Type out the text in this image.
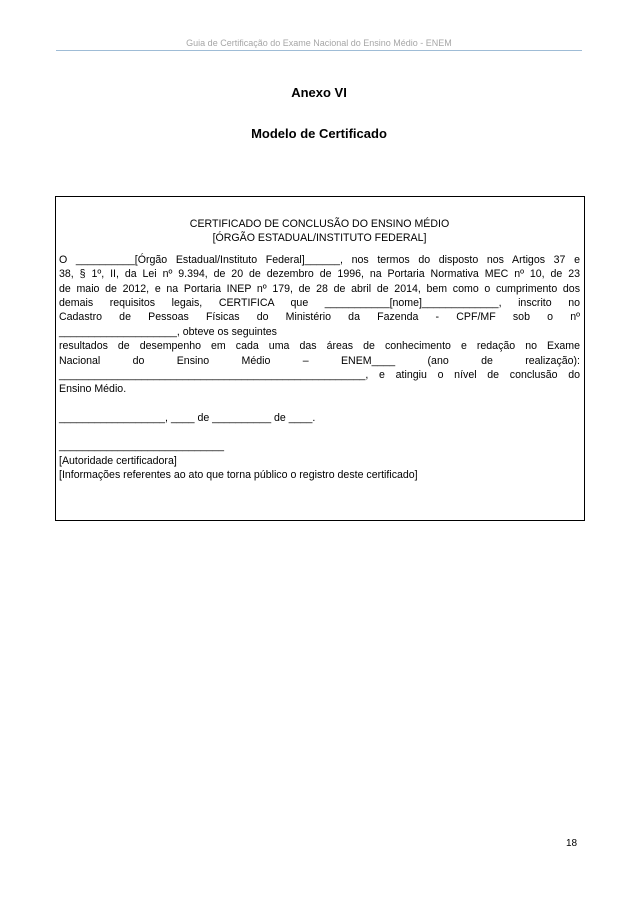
Guia de Certificação do Exame Nacional do Ensino Médio - ENEM
Anexo VI
Modelo de Certificado

CERTIFICADO DE CONCLUSÃO DO ENSINO MÉDIO

[ÓRGÃO ESTADUAL/INSTITUTO FEDERAL]

O __________[Órgão Estadual/Instituto Federal]______, nos termos do disposto nos Artigos 37 e
38, § 1º, II, da Lei nº 9.394, de 20 de dezembro de 1996, na Portaria Normativa MEC nº 10, de 23
de maio de 2012, e na Portaria INEP nº 179, de 28 de abril de 2014, bem como o cumprimento dos
demais requisitos legais, CERTIFICA que ___________[nome]_____________, inscrito no
Cadastro de Pessoas Físicas do Ministério da Fazenda - CPF/MF sob o nº
____________________, obteve os seguintes
resultados de desempenho em cada uma das áreas de conhecimento e redação no Exame
Nacional do Ensino Médio – ENEM____ (ano de realização):
____________________________________________________, e atingiu o nível de conclusão do
Ensino Médio.
__________________, ____ de __________ de ____.
____________________________
[Autoridade certificadora]
[Informações referentes ao ato que torna público o registro deste certificado]
18
